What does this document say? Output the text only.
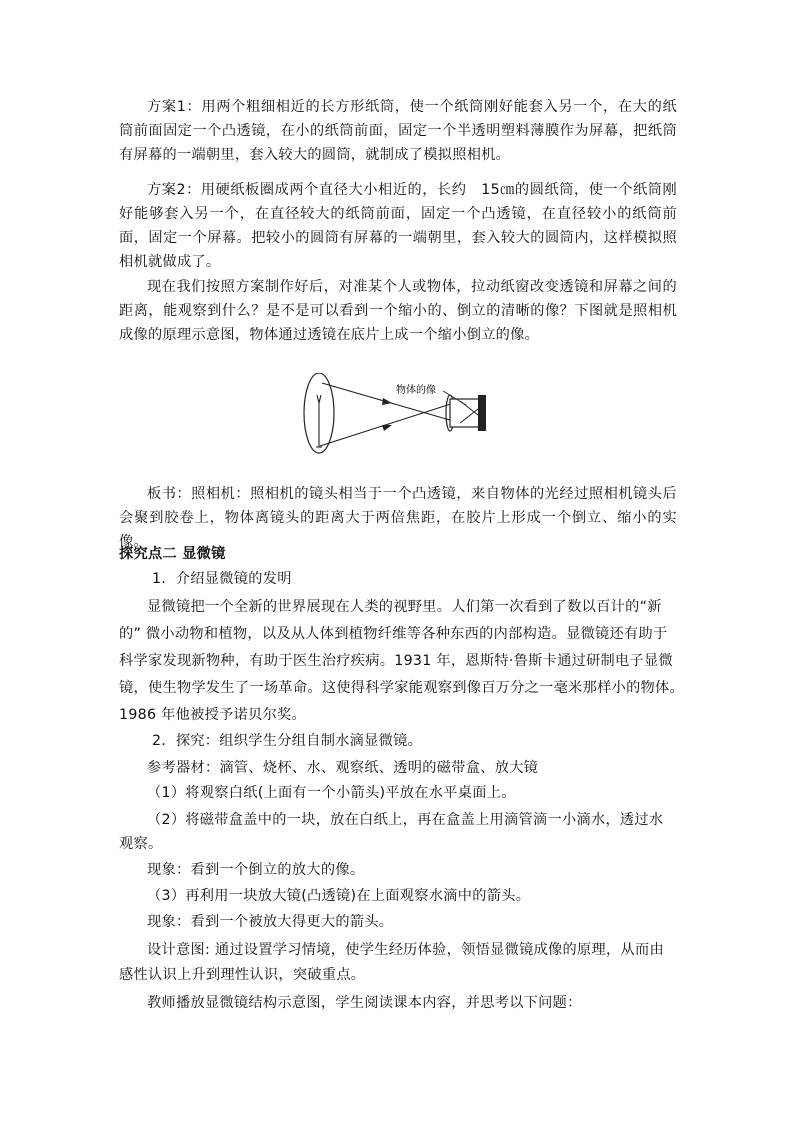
方案1：用两个粗细相近的长方形纸筒，使一个纸筒刚好能套入另一个，在大的纸筒前面固定一个凸透镜，在小的纸筒前面，固定一个半透明塑料薄膜作为屏幕，把纸筒有屏幕的一端朝里，套入较大的圆筒，就制成了模拟照相机。

方案2：用硬纸板圈成两个直径大小相近的，长约　15㎝的圆纸筒，使一个纸筒刚好能够套入另一个，在直径较大的纸筒前面，固定一个凸透镜，在直径较小的纸筒前面，固定一个屏幕。把较小的圆筒有屏幕的一端朝里，套入较大的圆筒内，这样模拟照相机就做成了。

现在我们按照方案制作好后，对准某个人或物体，拉动纸窗改变透镜和屏幕之间的距离，能观察到什么？是不是可以看到一个缩小的、倒立的清晰的像？下图就是照相机成像的原理示意图，物体通过透镜在底片上成一个缩小倒立的像。

物体的像

板书：照相机：照相机的镜头相当于一个凸透镜，来自物体的光经过照相机镜头后会聚到胶卷上，物体离镜头的距离大于两倍焦距，在胶片上形成一个倒立、缩小的实像。

探究点二 显微镜

1．介绍显微镜的发明

显微镜把一个全新的世界展现在人类的视野里。人们第一次看到了数以百计的“新

的” 微小动物和植物，以及从人体到植物纤维等各种东西的内部构造。显微镜还有助于

科学家发现新物种，有助于医生治疗疾病。1931 年，恩斯特·鲁斯卡通过研制电子显微

镜，使生物学发生了一场革命。这使得科学家能观察到像百万分之一毫米那样小的物体。

1986 年他被授予诺贝尔奖。

2．探究：组织学生分组自制水滴显微镜。

参考器材：滴管、烧杯、水、观察纸、透明的磁带盒、放大镜

（1）将观察白纸(上面有一个小箭头)平放在水平桌面上。

（2）将磁带盒盖中的一块，放在白纸上，再在盒盖上用滴管滴一小滴水，透过水

观察。

现象：看到一个倒立的放大的像。

（3）再利用一块放大镜(凸透镜)在上面观察水滴中的箭头。

现象：看到一个被放大得更大的箭头。

设计意图: 通过设置学习情境，使学生经历体验，领悟显微镜成像的原理，从而由

感性认识上升到理性认识，突破重点。

教师播放显微镜结构示意图，学生阅读课本内容，并思考以下问题：
